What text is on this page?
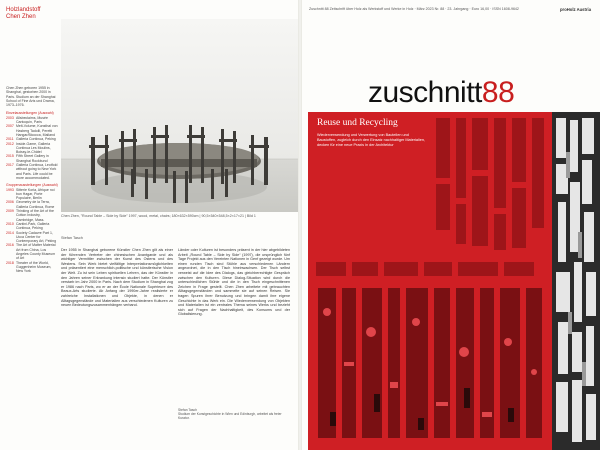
Holzlandstoff
Chen Zhen
Chen Zhen, "Round Table – Side by Side" 1997, wood, metal, chairs; 180×632×590cm | 90,5×540×548,5×2×17×21 | Bild 1
Chen Zhen geboren 1955 in Shanghai, gestorben 2000 in Paris. Studium an der Shanghai School of Fine Arts und Drama, 1973–1976.
Einzelausstellungen (Auswahl)
2003 Allsbeclaims, Musée Cantoquin, Paris
2007 Melt-Volume, Kunsthal von Hasberg Tadolli, Peretti Hangar/Bicocca, Mailand
2011 Galleria Continua, Peking
2012 Inside-Game, Galleria Continua Les Moulins, Boissy-le-Châtel
2015 Fifth Street Gallery in Shanghai Rockbund
2017 Galleria Continua, Leotfold without going to New York and Paris. Life could be more accommodated.
Gruppenausstellungen (Auswahl)
1993 Sitterie Koria, Afrique noi bun Hagar, Porte Populaire, Berlin
2006 Geometry de la Terra, Galleria Continua, Rome
2009 Thinking of the Art of the Cotton Industry, Cambridge, Mass.
2010 Cantini-Park, Galleria Continua, Peking
2014 Society Cadavre Part 1, Ucca Center for Contemporary Art, Peking
2016 The Art of Matter Material Art from China, Los Angeles County Museum of Art
2018 Theater of the World, Guggenheim Museum, New York
Stefan Tasch
Der 1955 in Shanghai geborene Künstler Chen Zhen gilt als einer der führenden Vertreter der chinesischen Avantgarde und als wichtiger Vermittler zwischen der Kunst des Ostens und des Westens. Sein Werk bietet vielfältige Interpretationsmöglichkeiten und präsentiert eine menschlich-politische und künstlerische Vision der Welt. Zu ist sein Leben spirituellen Lehren, das der Künstler in den Jahren seiner Erkrankung intensiv studiert hatte. Der Künstler verstarb im Jahr 2000 in Paris. Nach dem Studium in Shanghai zog er 1986 nach Paris, wo er an der École Nationale Supérieure des Beaux-Arts studierte. Ab Anfang der 1990er-Jahre realisierte er zahlreiche Installationen und Objekte, in denen er Alltagsgegenstände und Materialien aus verschiedenen Kulturen zu neuen Bedeutungszusammenhängen verband.
Länder oder Kulturen ist besonders präsent in der hier abgebildeten Arbeit „Round Table – Side by Side“ (1997), die ursprünglich fünf Tage Projekt aus den Vereinten Nationen in Genf gezeigt wurde. Um einen runden Tisch sind Stühle aus verschiedenen Ländern angeordnet, die in den Tisch hineinwachsen. Der Tisch selbst verweist auf die Idee des Dialogs, das gleichberechtigte Gespräch zwischen den Kulturen. Diese Dialog-Situation wird durch die unterschiedlichen Stühle und die in den Tisch eingeschnittenen Zeichen in Frage gestellt. Chen Zhen arbeitete mit gebrauchten Alltagsgegenständen und sammelte sie auf seinen Reisen. Sie tragen Spuren ihrer Benutzung und bringen damit ihre eigene Geschichte in das Werk ein. Die Wiederverwendung von Objekten und Materialien ist ein zentrales Thema seines Werks und bezieht sich auf Fragen der Nachhaltigkeit, des Konsums und der Globalisierung.
Stefan Tasch
Studium der Kunstgeschichte in Wien und Edinburgh, arbeitet als freier Kurator.
Zuschnitt 88 Zeitschrift über Holz als Werkstoff und Werke in Holz · März 2023 Nr. 88 · 23. Jahrgang · Euro 16,00 · ISSN 1608-9642	proHolz Austria
zuschnitt88
Reuse und Recycling
Wiederverwendung und Verwertung von Bauteilen und Baustoffen, zugleich durch den Einsatz nachhaltiger Materialien, decken für eine neue Praxis in der Architektur
